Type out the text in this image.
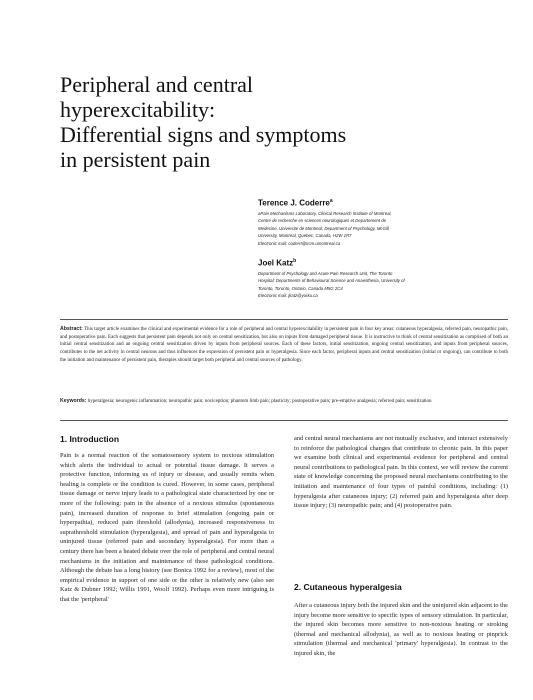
Peripheral and central
hyperexcitability:
Differential signs and symptoms
in persistent pain
Terence J. Coderre$^a$
aPain Mechanisms Laboratory, Clinical Research Institute of Montreal,
Centre de recherche en sciences neurologiques et Departement de
Medecine, Universite de Montreal; Department of Psychology, McGill
University, Montreal, Quebec, Canada, H2W 1R7
Electronic mail: coderrt@ircm.umontreal.ca
Joel Katz$^b$
Department of Psychology and Acute Pain Research Unit, The Toronto
Hospital; Departments of Behavioural Science and Anaesthesia, University of
Toronto, Toronto, Ontario, Canada M5G 2C4
Electronic mail: jkatz@yorku.ca
Abstract: This target article examines the clinical and experimental evidence for a role of peripheral and central hyperexcitability in persistent pain in four key areas: cutaneous hyperalgesia, referred pain, neuropathic pain, and postoperative pain. Each suggests that persistent pain depends not only on central sensitization, but also on inputs from damaged peripheral tissue. It is instructive to think of central sensitization as comprised of both an initial central sensitization and an ongoing central sensitization driven by inputs from peripheral sources. Each of these factors, initial sensitization, ongoing central sensitization, and inputs from peripheral sources, contributes to the net activity in central neurons and thus influences the expression of persistent pain or hyperalgesia. Since each factor, peripheral inputs and central sensitization (initial or ongoing), can contribute to both the initiation and maintenance of persistent pain, therapies should target both peripheral and central sources of pathology.
Keywords: hyperalgesia; neurogenic inflammation; neuropathic pain; nociception; phantom limb pain; plasticity; postoperative pain; pre-emptive analgesia; referred pain; sensitization
1. Introduction

Pain is a normal reaction of the somatosensory system to noxious stimulation which alerts the individual to actual or potential tissue damage. It serves a protective function, informing us of injury or disease, and usually remits when healing is complete or the condition is cured. However, in some cases, peripheral tissue damage or nerve injury leads to a pathological state characterized by one or more of the following: pain in the absence of a noxious stimulus (spontaneous pain), increased duration of response to brief stimulation (ongoing pain or hyperpathia), reduced pain threshold (allodynia), increased responsiveness to suprathreshold stimulation (hyperalgesia), and spread of pain and hyperalgesia to uninjured tissue (referred pain and secondary hyperalgesia). For more than a century there has been a heated debate over the role of peripheral and central neural mechanisms in the initiation and maintenance of these pathological conditions. Although the debate has a long history (see Bonica 1992 for a review), most of the empirical evidence in support of one side or the other is relatively new (also see Katz & Dubner 1992; Willis 1991, Woolf 1992). Perhaps even more intriguing is that the 'peripheral'

and central neural mechanisms are not mutually exclusive, and interact extensively to reinforce the pathological changes that contribute to chronic pain. In this paper we examine both clinical and experimental evidence for peripheral and central neural contributions to pathological pain. In this context, we will review the current state of knowledge concerning the proposed neural mechanisms contributing to the initiation and maintenance of four types of painful conditions, including: (1) hyperalgesia after cutaneous injury; (2) referred pain and hyperalgesia after deep tissue injury; (3) neuropathic pain; and (4) postoperative pain.

2. Cutaneous hyperalgesia

After a cutaneous injury both the injured skin and the uninjured skin adjacent to the injury become more sensitive to specific types of sensory stimulation. In particular, the injured skin becomes more sensitive to non-noxious heating or stroking (thermal and mechanical allodynia), as well as to noxious heating or pinprick stimulation (thermal and mechanical 'primary' hyperalgesia). In contrast to the injured skin, the
